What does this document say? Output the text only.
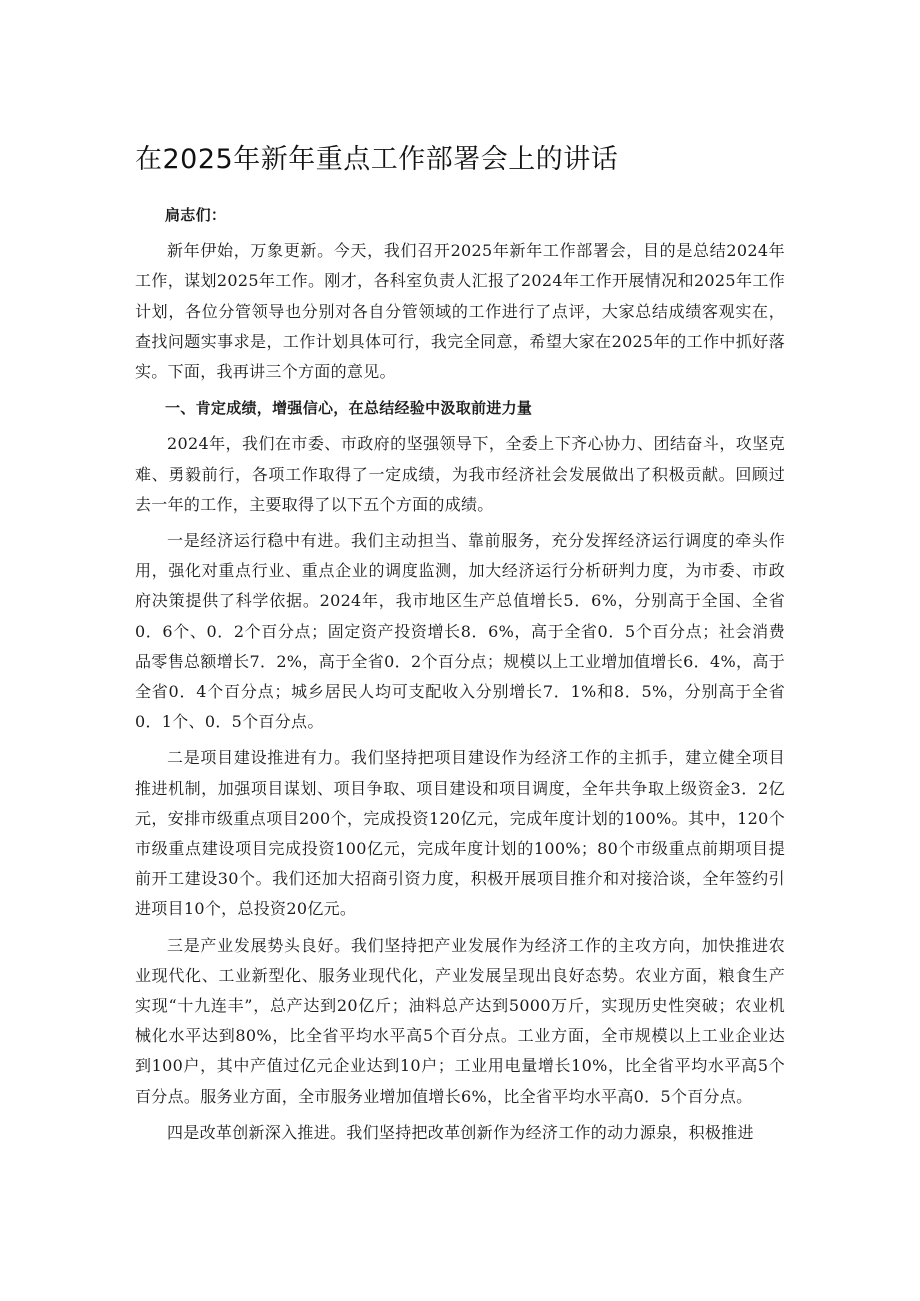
在2025年新年重点工作部署会上的讲话

扃志们：

新年伊始，万象更新。今天，我们召开2025年新年工作部署会，目的是总结2024年工作，谋划2025年工作。刚才，各科室负责人汇报了2024年工作开展情况和2025年工作计划，各位分管领导也分别对各自分管领域的工作进行了点评，大家总结成绩客观实在，查找问题实事求是，工作计划具体可行，我完全同意，希望大家在2025年的工作中抓好落实。下面，我再讲三个方面的意见。

一、肯定成绩，增强信心，在总结经验中汲取前进力量

2024年，我们在市委、市政府的坚强领导下，全委上下齐心协力、团结奋斗，攻坚克难、勇毅前行，各项工作取得了一定成绩，为我市经济社会发展做出了积极贡献。回顾过去一年的工作，主要取得了以下五个方面的成绩。

一是经济运行稳中有进。我们主动担当、靠前服务，充分发挥经济运行调度的牵头作用，强化对重点行业、重点企业的调度监测，加大经济运行分析研判力度，为市委、市政府决策提供了科学依据。2024年，我市地区生产总值增长5．6%，分别高于全国、全省0．6个、0．2个百分点；固定资产投资增长8．6%，高于全省0．5个百分点；社会消费品零售总额增长7．2%，高于全省0．2个百分点；规模以上工业增加值增长6．4%，高于全省0．4个百分点；城乡居民人均可支配收入分别增长7．1%和8．5%，分别高于全省0．1个、0．5个百分点。

二是项目建设推进有力。我们坚持把项目建设作为经济工作的主抓手，建立健全项目推进机制，加强项目谋划、项目争取、项目建设和项目调度，全年共争取上级资金3．2亿元，安排市级重点项目200个，完成投资120亿元，完成年度计划的100%。其中，120个市级重点建设项目完成投资100亿元，完成年度计划的100%；80个市级重点前期项目提前开工建设30个。我们还加大招商引资力度，积极开展项目推介和对接洽谈，全年签约引进项目10个，总投资20亿元。

三是产业发展势头良好。我们坚持把产业发展作为经济工作的主攻方向，加快推进农业现代化、工业新型化、服务业现代化，产业发展呈现出良好态势。农业方面，粮食生产实现“十九连丰”，总产达到20亿斤；油料总产达到5000万斤，实现历史性突破；农业机械化水平达到80%，比全省平均水平高5个百分点。工业方面，全市规模以上工业企业达到100户，其中产值过亿元企业达到10户；工业用电量增长10%，比全省平均水平高5个百分点。服务业方面，全市服务业增加值增长6%，比全省平均水平高0．5个百分点。

四是改革创新深入推进。我们坚持把改革创新作为经济工作的动力源泉，积极推进
